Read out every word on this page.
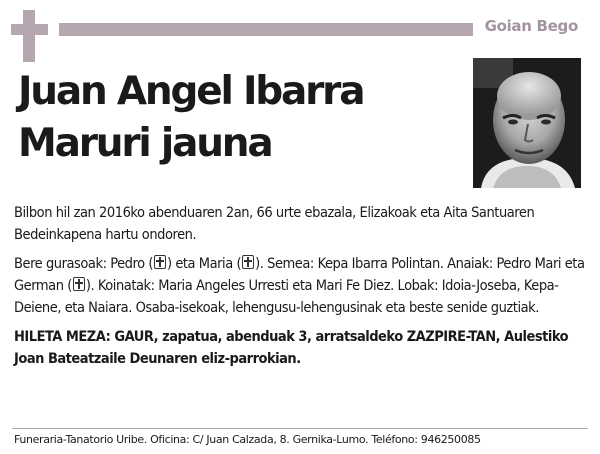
Goian Bego
Juan Angel Ibarra
Maruri jauna

Bilbon hil zan 2016ko abenduaren 2an, 66 urte ebazala, Elizakoak eta Aita Santuaren Bedeinkapena hartu ondoren.

Bere gurasoak: Pedro ( ) eta Maria ( ). Semea: Kepa Ibarra Polintan. Anaiak: Pedro Mari eta German ( ). Koinatak: Maria Angeles Urresti eta Mari Fe Diez. Lobak: Idoia-Joseba, Kepa-Deiene, eta Naiara. Osaba-isekoak, lehengusu-lehengusinak eta beste senide guztiak.

HILETA MEZA: GAUR, zapatua, abenduak 3, arratsaldeko ZAZPIRE-TAN, Aulestiko Joan Bateatzaile Deunaren eliz-parrokian.

Funeraria-Tanatorio Uribe. Oficina: C/ Juan Calzada, 8. Gernika-Lumo. Teléfono: 946250085
